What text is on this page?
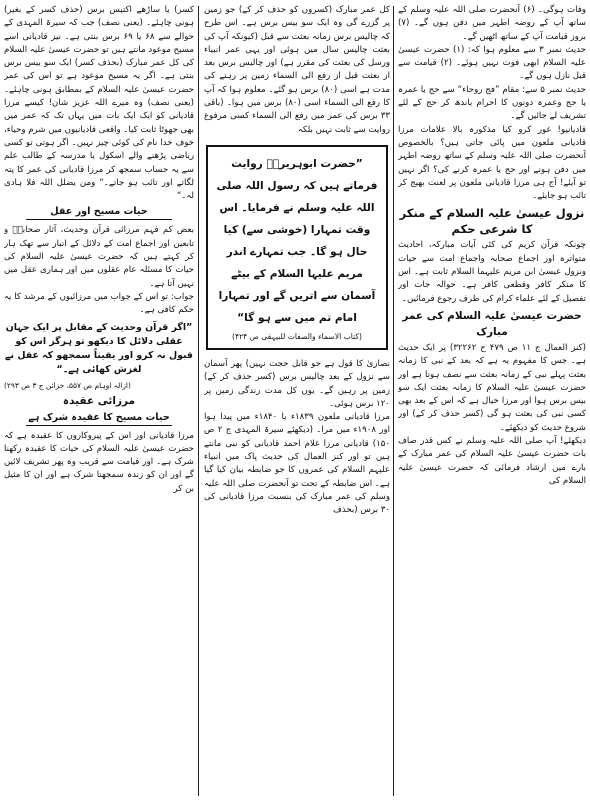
وفات ہوگی۔ (۶) آنحضرت صلی اللہ علیہ وسلم کے ساتھ آپ کے روضہ اطہر میں دفن ہوں گے۔ (۷) بروز قیامت آپ کے ساتھ اٹھیں گے۔

حدیث نمبر ۳ سے معلوم ہوا کہ: (۱) حضرت عیسیٰ علیہ السلام ابھی فوت نہیں ہوئے۔ (۲) قیامت سے قبل نازل ہوں گے۔

حدیث نمبر ۵ سے: مقام ”فج روحاء“ سے حج یا عمرہ یا حج وعمرہ دونوں کا احرام باندھ کر حج کے لئے تشریف لے جائیں گے۔

قادیانیو! غور کرو کیا مذکورہ بالا علامات مرزا قادیانی ملعون میں پائی جاتی ہیں؟ بالخصوص آنحضرت صلی اللہ علیہ وسلم کے ساتھ روضہ اطہر میں دفن ہونے اور حج یا عمرہ کرنے کی؟ اگر نہیں تو آیئے! آج ہی مرزا قادیانی ملعون پر لعنت بھیج کر تائب ہو جایئے۔

نزول عیسیٰ علیہ السلام کے منکر کا شرعی حکم

چونکہ قرآن کریم کی کئی آیات مبارکہ، احادیث متواترہ اور اجماع صحابہ واجماع امت سے حیات ونزول عیسیٰ ابن مریم علیہما السلام ثابت ہے۔ اس کا منکر کافر وقطعی کافر ہے۔ حوالہ جات اور تفصیل کے لئے علماء کرام کی طرف رجوع فرمائیں۔

حضرت عیسیٰ علیہ السلام کی عمر مبارک

(کنز العمال ج ۱۱ ص ۴۷۹ ح ۳۲۲۶۲) پر ایک حدیث ہے۔ جس کا مفہوم یہ ہے کہ بعد کے نبی کا زمانہ بعثت پہلے نبی کے زمانہ بعثت سے نصف ہوتا ہے اور حضرت عیسیٰ علیہ السلام کا زمانہ بعثت ایک سو بیس برس ہوا اور مرزا خیال ہے کہ اس کے بعد بھی کسی نبی کی بعثت ہو گی (کسر حذف کر کے) اور شروع حدیث کو دیکھئے۔

دیکھئے! آپ صلی اللہ علیہ وسلم نے کس قدر صاف بات حضرت عیسیٰ علیہ السلام کی عمر مبارک کے بارے میں ارشاد فرمائی کہ حضرت عیسیٰ علیہ السلام کی

کل عمر مبارک (کسروں کو حذف کر کے) جو زمین پر گزرے گی وہ ایک سو بیس برس ہے۔ اس طرح کہ چالیس برس زمانہ بعثت سے قبل (کیونکہ آپ کی بعثت چالیس سال میں ہوئی اور یہی عمر انبیاء ورسل کی بعثت کی مقرر ہے) اور چالیس برس بعد از بعثت قبل از رفع الی السماء زمین پر رہنے کی مدت ہے اسی (۸۰) برس ہو گئے۔ معلوم ہوا کہ آپ کا رفع الی السماء اسی (۸۰) برس میں ہوا۔ (باقی ۳۳ برس کی عمر میں رفع الی السماء کسی مرفوع روایت سے ثابت نہیں بلکہ

”حضرت ابوہریرہؓ روایت فرماتے ہیں کہ رسول اللہ صلی اللہ علیہ وسلم نے فرمایا۔ اس وقت تمہارا (خوشی سے) کیا حال ہو گا۔ جب تمہارے اندر مریم علیہا السلام کے بیٹے آسمان سے اتریں گے اور تمہارا امام تم میں سے ہو گا“
(کتاب الاسماء والصفات للبیہقی ص ۴۲۴)

نصاریٰ کا قول ہے جو قابل حجت نہیں) پھر آسمان سے نزول کے بعد چالیس برس (کسر حذف کر کے) زمین پر رہیں گے۔ یوں کل مدت زندگی زمین پر ۱۲۰ برس ہوئی۔

مرزا قادیانی ملعون ۱۸۳۹ء یا ۱۸۴۰ء میں پیدا ہوا اور ۱۹۰۸ء میں مرا۔ (دیکھئے سیرۃ المہدی ج ۲ ص ۱۵۰) قادیانی مرزا غلام احمد قادیانی کو نبی مانتے ہیں تو اور کنز العمال کی حدیث پاک میں انبیاء علیہم السلام کی عمروں کا جو ضابطہ بیان کیا گیا ہے۔ اس ضابطہ کے تحت تو آنحضرت صلی اللہ علیہ وسلم کی عمر مبارک کی بنسبت مرزا قادیانی کی ۳۰ برس (بحذف

کسر) یا ساڑھے اکتیس برس (حذف کسر کے بغیر) ہونی چاہئے۔ (یعنی نصف) جب کہ سیرۃ المہدی کے حوالے سے ۶۸ یا ۶۹ برس بنتی ہے۔ نیز قادیانی اسے مسیح موعود مانتے ہیں تو حضرت عیسیٰ علیہ السلام کی کل عمر مبارک (بحذف کسر) ایک سو بیس برس بنتی ہے۔ اگر یہ مسیح موعود ہے تو اس کی عمر حضرت عیسیٰ علیہ السلام کے بمطابق ہونی چاہئے۔ (یعنی نصف) وہ میرے اللہ عزیز شان! کیسے مرزا قادیانی کو ایک ایک بات میں یہاں تک کہ عمر میں بھی جھوٹا ثابت کیا۔ واقعی قادیانیوں میں شرم وحیاء، خوف خدا نام کی کوئی چیز نہیں۔ اگر ہوتی تو کسی ریاضی پڑھنے والے اسکول یا مدرسہ کے طالب علم سے یہ حساب سمجھ کر مرزا قادیانی کی عمر کا پتہ لگاتے اور تائب ہو جاتے۔“ ومن یضلل اللہ فلا ہادی لہ۔“

حیات مسیح اور عقل

بعض کم فہم مرزائی قرآن وحدیث، آثار صحابہؓ و تابعین اور اجماع امت کے دلائل کے انبار سے تھک ہار کر کہتے ہیں کہ حضرت عیسیٰ علیہ السلام کی حیات کا مسئلہ عام عقلوں میں اور ہماری عقل میں نہیں آتا ہے۔

جواب: تو اس کے جواب میں مرزائیوں کے مرشد کا یہ حکم کافی ہے۔

”اگر قرآن وحدیث کے مقابل پر ایک جہان عقلی دلائل کا دیکھو تو ہرگز اس کو قبول نہ کرو اور یقیناً سمجھو کہ عقل نے لغزش کھائی ہے۔“
(ازالہ اوہام ص ۵۵۷، خزائن ج ۳ ص ۲۹۳)
مرزائی عقیدہ
حیات مسیح کا عقیدہ شرک ہے

مرزا قادیانی اور اس کے پیروکاروں کا عقیدہ ہے کہ حضرت عیسیٰ علیہ السلام کی حیات کا عقیدہ رکھنا شرک ہے۔ اور قیامت سے قریب وہ پھر تشریف لائیں گے اور ان کو زندہ سمجھنا شرک ہے اور ان کا مثیل بن کر
